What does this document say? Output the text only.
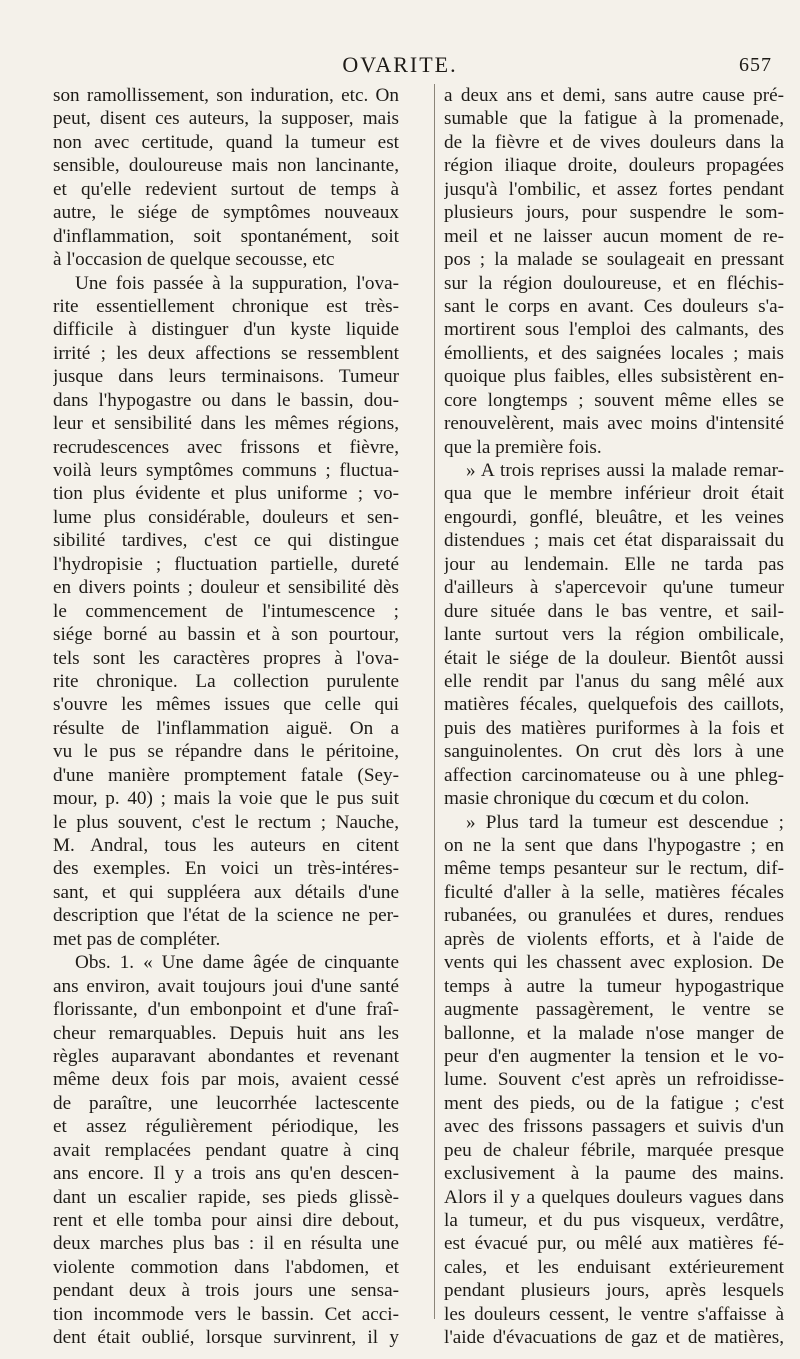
OVARITE.	657
son ramollissement, son induration, etc. On
peut, disent ces auteurs, la supposer, mais
non avec certitude, quand la tumeur est
sensible, douloureuse mais non lancinante,
et qu'elle redevient surtout de temps à
autre, le siége de symptômes nouveaux
d'inflammation, soit spontanément, soit
à l'occasion de quelque secousse, etc
Une fois passée à la suppuration, l'ova-
rite essentiellement chronique est très-
difficile à distinguer d'un kyste liquide
irrité ; les deux affections se ressemblent
jusque dans leurs terminaisons. Tumeur
dans l'hypogastre ou dans le bassin, dou-
leur et sensibilité dans les mêmes régions,
recrudescences avec frissons et fièvre,
voilà leurs symptômes communs ; fluctua-
tion plus évidente et plus uniforme ; vo-
lume plus considérable, douleurs et sen-
sibilité tardives, c'est ce qui distingue
l'hydropisie ; fluctuation partielle, dureté
en divers points ; douleur et sensibilité dès
le commencement de l'intumescence ;
siége borné au bassin et à son pourtour,
tels sont les caractères propres à l'ova-
rite chronique. La collection purulente
s'ouvre les mêmes issues que celle qui
résulte de l'inflammation aiguë. On a
vu le pus se répandre dans le péritoine,
d'une manière promptement fatale (Sey-
mour, p. 40) ; mais la voie que le pus suit
le plus souvent, c'est le rectum ; Nauche,
M. Andral, tous les auteurs en citent
des exemples. En voici un très-intéres-
sant, et qui suppléera aux détails d'une
description que l'état de la science ne per-
met pas de compléter.
Obs. 1. « Une dame âgée de cinquante
ans environ, avait toujours joui d'une santé
florissante, d'un embonpoint et d'une fraî-
cheur remarquables. Depuis huit ans les
règles auparavant abondantes et revenant
même deux fois par mois, avaient cessé
de paraître, une leucorrhée lactescente
et assez régulièrement périodique, les
avait remplacées pendant quatre à cinq
ans encore. Il y a trois ans qu'en descen-
dant un escalier rapide, ses pieds glissè-
rent et elle tomba pour ainsi dire debout,
deux marches plus bas : il en résulta une
violente commotion dans l'abdomen, et
pendant deux à trois jours une sensa-
tion incommode vers le bassin. Cet acci-
dent était oublié, lorsque survinrent, il y
a deux ans et demi, sans autre cause pré-
sumable que la fatigue à la promenade,
de la fièvre et de vives douleurs dans la
région iliaque droite, douleurs propagées
jusqu'à l'ombilic, et assez fortes pendant
plusieurs jours, pour suspendre le som-
meil et ne laisser aucun moment de re-
pos ; la malade se soulageait en pressant
sur la région douloureuse, et en fléchis-
sant le corps en avant. Ces douleurs s'a-
mortirent sous l'emploi des calmants, des
émollients, et des saignées locales ; mais
quoique plus faibles, elles subsistèrent en-
core longtemps ; souvent même elles se
renouvelèrent, mais avec moins d'intensité
que la première fois.
» A trois reprises aussi la malade remar-
qua que le membre inférieur droit était
engourdi, gonflé, bleuâtre, et les veines
distendues ; mais cet état disparaissait du
jour au lendemain. Elle ne tarda pas
d'ailleurs à s'apercevoir qu'une tumeur
dure située dans le bas ventre, et sail-
lante surtout vers la région ombilicale,
était le siége de la douleur. Bientôt aussi
elle rendit par l'anus du sang mêlé aux
matières fécales, quelquefois des caillots,
puis des matières puriformes à la fois et
sanguinolentes. On crut dès lors à une
affection carcinomateuse ou à une phleg-
masie chronique du cœcum et du colon.
» Plus tard la tumeur est descendue ;
on ne la sent que dans l'hypogastre ; en
même temps pesanteur sur le rectum, dif-
ficulté d'aller à la selle, matières fécales
rubanées, ou granulées et dures, rendues
après de violents efforts, et à l'aide de
vents qui les chassent avec explosion. De
temps à autre la tumeur hypogastrique
augmente passagèrement, le ventre se
ballonne, et la malade n'ose manger de
peur d'en augmenter la tension et le vo-
lume. Souvent c'est après un refroidisse-
ment des pieds, ou de la fatigue ; c'est
avec des frissons passagers et suivis d'un
peu de chaleur fébrile, marquée presque
exclusivement à la paume des mains.
Alors il y a quelques douleurs vagues dans
la tumeur, et du pus visqueux, verdâtre,
est évacué pur, ou mêlé aux matières fé-
cales, et les enduisant extérieurement
pendant plusieurs jours, après lesquels
les douleurs cessent, le ventre s'affaisse à
l'aide d'évacuations de gaz et de matières,
